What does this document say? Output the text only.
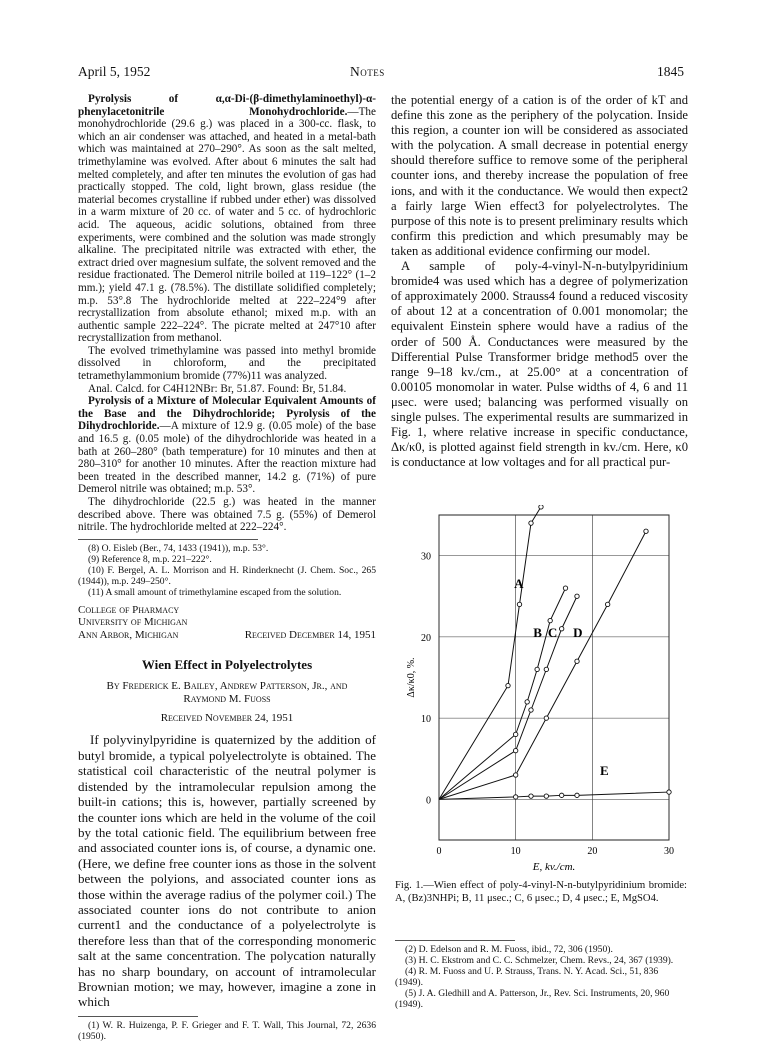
April 5, 1952	Notes	1845

Pyrolysis of α,α-Di-(β-dimethylaminoethyl)-α-phenylacetonitrile Monohydrochloride.—The monohydrochloride (29.6 g.) was placed in a 300-cc. flask, to which an air condenser was attached, and heated in a metal-bath which was maintained at 270–290°. As soon as the salt melted, trimethylamine was evolved. After about 6 minutes the salt had melted completely, and after ten minutes the evolution of gas had practically stopped. The cold, light brown, glass residue (the material becomes crystalline if rubbed under ether) was dissolved in a warm mixture of 20 cc. of water and 5 cc. of hydrochloric acid. The aqueous, acidic solutions, obtained from three experiments, were combined and the solution was made strongly alkaline. The precipitated nitrile was extracted with ether, the extract dried over magnesium sulfate, the solvent removed and the residue fractionated. The Demerol nitrile boiled at 119–122° (1–2 mm.); yield 47.1 g. (78.5%). The distillate solidified completely; m.p. 53°.8 The hydrochloride melted at 222–224°9 after recrystallization from absolute ethanol; mixed m.p. with an authentic sample 222–224°. The picrate melted at 247°10 after recrystallization from methanol.

The evolved trimethylamine was passed into methyl bromide dissolved in chloroform, and the precipitated tetramethylammonium bromide (77%)11 was analyzed.

Anal. Calcd. for C4H12NBr: Br, 51.87. Found: Br, 51.84.

Pyrolysis of a Mixture of Molecular Equivalent Amounts of the Base and the Dihydrochloride; Pyrolysis of the Dihydrochloride.—A mixture of 12.9 g. (0.05 mole) of the base and 16.5 g. (0.05 mole) of the dihydrochloride was heated in a bath at 260–280° (bath temperature) for 10 minutes and then at 280–310° for another 10 minutes. After the reaction mixture had been treated in the described manner, 14.2 g. (71%) of pure Demerol nitrile was obtained; m.p. 53°.

The dihydrochloride (22.5 g.) was heated in the manner described above. There was obtained 7.5 g. (55%) of Demerol nitrile. The hydrochloride melted at 222–224°.

(8) O. Eisleb (Ber., 74, 1433 (1941)), m.p. 53°.
(9) Reference 8, m.p. 221–222°.
(10) F. Bergel, A. L. Morrison and H. Rinderknecht (J. Chem. Soc., 265 (1944)), m.p. 249–250°.
(11) A small amount of trimethylamine escaped from the solution.
College of Pharmacy
University of Michigan
Ann Arbor, Michigan	Received December 14, 1951
Wien Effect in Polyelectrolytes
By Frederick E. Bailey, Andrew Patterson, Jr., and
Raymond M. Fuoss
Received November 24, 1951

If polyvinylpyridine is quaternized by the addition of butyl bromide, a typical polyelectrolyte is obtained. The statistical coil characteristic of the neutral polymer is distended by the intramolecular repulsion among the built-in cations; this is, however, partially screened by the counter ions which are held in the volume of the coil by the total cationic field. The equilibrium between free and associated counter ions is, of course, a dynamic one. (Here, we define free counter ions as those in the solvent between the polyions, and associated counter ions as those within the average radius of the polymer coil.) The associated counter ions do not contribute to anion current1 and the conductance of a polyelectrolyte is therefore less than that of the corresponding monomeric salt at the same concentration. The polycation naturally has no sharp boundary, on account of intramolecular Brownian motion; we may, however, imagine a zone in which

(1) W. R. Huizenga, P. F. Grieger and F. T. Wall, This Journal, 72, 2636 (1950).

the potential energy of a cation is of the order of kT and define this zone as the periphery of the polycation. Inside this region, a counter ion will be considered as associated with the polycation. A small decrease in potential energy should therefore suffice to remove some of the peripheral counter ions, and thereby increase the population of free ions, and with it the conductance. We would then expect2 a fairly large Wien effect3 for polyelectrolytes. The purpose of this note is to present preliminary results which confirm this prediction and which presumably may be taken as additional evidence confirming our model.

A sample of poly-4-vinyl-N-n-butylpyridinium bromide4 was used which has a degree of polymerization of approximately 2000. Strauss4 found a reduced viscosity of about 12 at a concentration of 0.001 monomolar; the equivalent Einstein sphere would have a radius of the order of 500 Å. Conductances were measured by the Differential Pulse Transformer bridge method5 over the range 9–18 kv./cm., at 25.00° at a concentration of 0.00105 monomolar in water. Pulse widths of 4, 6 and 11 μsec. were used; balancing was performed visually on single pulses. The experimental results are summarized in Fig. 1, where relative increase in specific conductance, Δκ/κ0, is plotted against field strength in kv./cm. Here, κ0 is conductance at low voltages and for all practical pur-

0	10	20	30
0
10
20
30
E, kv./cm.
Δκ/κ0, %.
A
B C D
E
Fig. 1.—Wien effect of poly-4-vinyl-N-n-butylpyridinium bromide: A, (Bz)3NHPi; B, 11 μsec.; C, 6 μsec.; D, 4 μsec.; E, MgSO4.
(2) D. Edelson and R. M. Fuoss, ibid., 72, 306 (1950).
(3) H. C. Ekstrom and C. C. Schmelzer, Chem. Revs., 24, 367 (1939).
(4) R. M. Fuoss and U. P. Strauss, Trans. N. Y. Acad. Sci., 51, 836 (1949).
(5) J. A. Gledhill and A. Patterson, Jr., Rev. Sci. Instruments, 20, 960 (1949).
